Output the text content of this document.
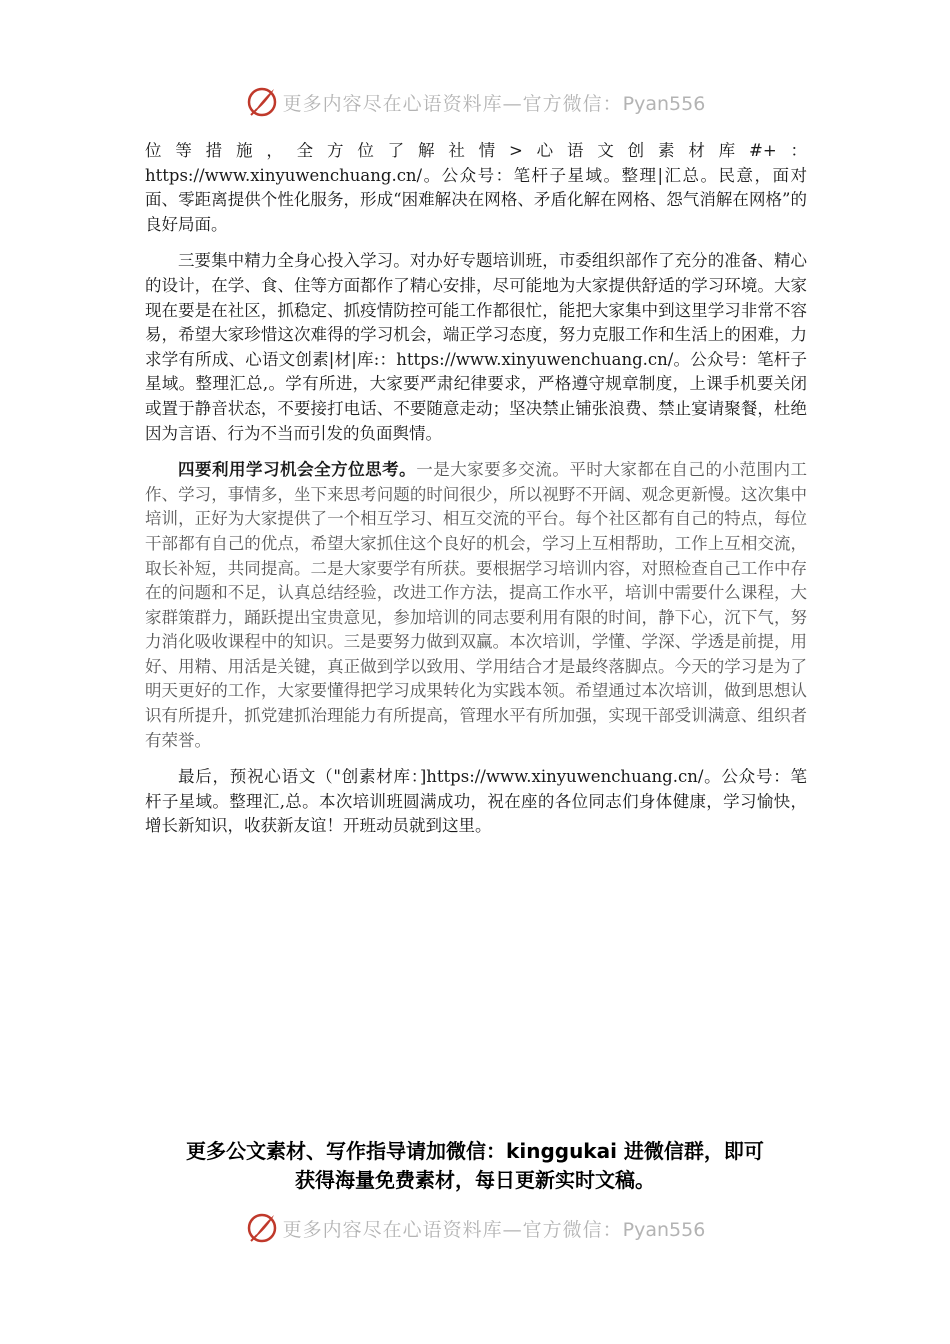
更多内容尽在心语资料库—官方微信：Pyan556

位等措施，全方位了解社情>心语文创素材库#+：https://www.xinyuwenchuang.cn/。公众号：笔杆子星域。整理|汇总。民意，面对面、零距离提供个性化服务，形成“困难解决在网格、矛盾化解在网格、怨气消解在网格”的良好局面。

三要集中精力全身心投入学习。对办好专题培训班，市委组织部作了充分的准备、精心的设计，在学、食、住等方面都作了精心安排，尽可能地为大家提供舒适的学习环境。大家现在要是在社区，抓稳定、抓疫情防控可能工作都很忙，能把大家集中到这里学习非常不容易，希望大家珍惜这次难得的学习机会，端正学习态度，努力克服工作和生活上的困难，力求学有所成、心语文创素|材|库:：https://www.xinyuwenchuang.cn/。公众号：笔杆子星域。整理汇总,。学有所进，大家要严肃纪律要求，严格遵守规章制度，上课手机要关闭或置于静音状态，不要接打电话、不要随意走动；坚决禁止铺张浪费、禁止宴请聚餐，杜绝因为言语、行为不当而引发的负面舆情。

四要利用学习机会全方位思考。一是大家要多交流。平时大家都在自己的小范围内工作、学习，事情多，坐下来思考问题的时间很少，所以视野不开阔、观念更新慢。这次集中培训，正好为大家提供了一个相互学习、相互交流的平台。每个社区都有自己的特点，每位干部都有自己的优点，希望大家抓住这个良好的机会，学习上互相帮助，工作上互相交流，取长补短，共同提高。二是大家要学有所获。要根据学习培训内容，对照检查自己工作中存在的问题和不足，认真总结经验，改进工作方法，提高工作水平，培训中需要什么课程，大家群策群力，踊跃提出宝贵意见，参加培训的同志要利用有限的时间，静下心，沉下气，努力消化吸收课程中的知识。三是要努力做到双赢。本次培训，学懂、学深、学透是前提，用好、用精、用活是关键，真正做到学以致用、学用结合才是最终落脚点。今天的学习是为了明天更好的工作，大家要懂得把学习成果转化为实践本领。希望通过本次培训，做到思想认识有所提升，抓党建抓治理能力有所提高，管理水平有所加强，实现干部受训满意、组织者有荣誉。

最后，预祝心语文（"创素材库：]https://www.xinyuwenchuang.cn/。公众号：笔杆子星域。整理汇,总。本次培训班圆满成功，祝在座的各位同志们身体健康，学习愉快，增长新知识，收获新友谊！开班动员就到这里。

更多公文素材、写作指导请加微信：kinggukai 进微信群，即可
获得海量免费素材，每日更新实时文稿。
更多内容尽在心语资料库—官方微信：Pyan556
